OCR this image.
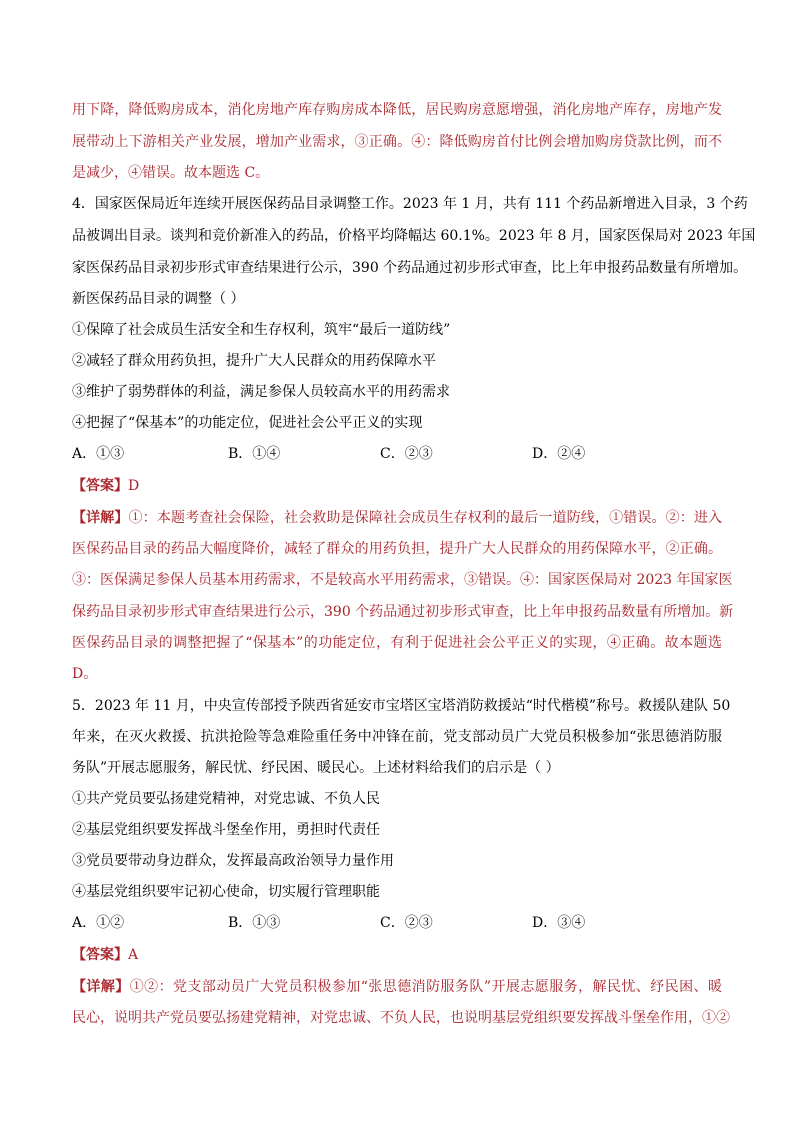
用下降，降低购房成本，消化房地产库存购房成本降低，居民购房意愿增强，消化房地产库存，房地产发
展带动上下游相关产业发展，增加产业需求，③正确。④：降低购房首付比例会增加购房贷款比例，而不
是减少，④错误。故本题选 C。
4．国家医保局近年连续开展医保药品目录调整工作。2023 年 1 月，共有 111 个药品新增进入目录，3 个药
品被调出目录。谈判和竞价新准入的药品，价格平均降幅达 60.1%。2023 年 8 月，国家医保局对 2023 年国
家医保药品目录初步形式审查结果进行公示，390 个药品通过初步形式审查，比上年申报药品数量有所增加。
新医保药品目录的调整（ ）
①保障了社会成员生活安全和生存权利，筑牢“最后一道防线”
②减轻了群众用药负担，提升广大人民群众的用药保障水平
③维护了弱势群体的利益，满足参保人员较高水平的用药需求
④把握了“保基本”的功能定位，促进社会公平正义的实现
A．①③	B．①④	C．②③	D．②④
【答案】D
【详解】①：本题考查社会保险，社会救助是保障社会成员生存权利的最后一道防线，①错误。②：进入
医保药品目录的药品大幅度降价，减轻了群众的用药负担，提升广大人民群众的用药保障水平，②正确。
③：医保满足参保人员基本用药需求，不是较高水平用药需求，③错误。④：国家医保局对 2023 年国家医
保药品目录初步形式审查结果进行公示，390 个药品通过初步形式审查，比上年申报药品数量有所增加。新
医保药品目录的调整把握了“保基本”的功能定位，有利于促进社会公平正义的实现，④正确。故本题选
D。
5．2023 年 11 月，中央宣传部授予陕西省延安市宝塔区宝塔消防救援站“时代楷模”称号。救援队建队 50
年来，在灭火救援、抗洪抢险等急难险重任务中冲锋在前，党支部动员广大党员积极参加“张思德消防服
务队”开展志愿服务，解民忧、纾民困、暖民心。上述材料给我们的启示是（ ）
①共产党员要弘扬建党精神，对党忠诚、不负人民
②基层党组织要发挥战斗堡垒作用，勇担时代责任
③党员要带动身边群众，发挥最高政治领导力量作用
④基层党组织要牢记初心使命，切实履行管理职能
A．①②	B．①③	C．②③	D．③④
【答案】A
【详解】①②：党支部动员广大党员积极参加“张思德消防服务队”开展志愿服务，解民忧、纾民困、暖
民心，说明共产党员要弘扬建党精神，对党忠诚、不负人民，也说明基层党组织要发挥战斗堡垒作用，①②
